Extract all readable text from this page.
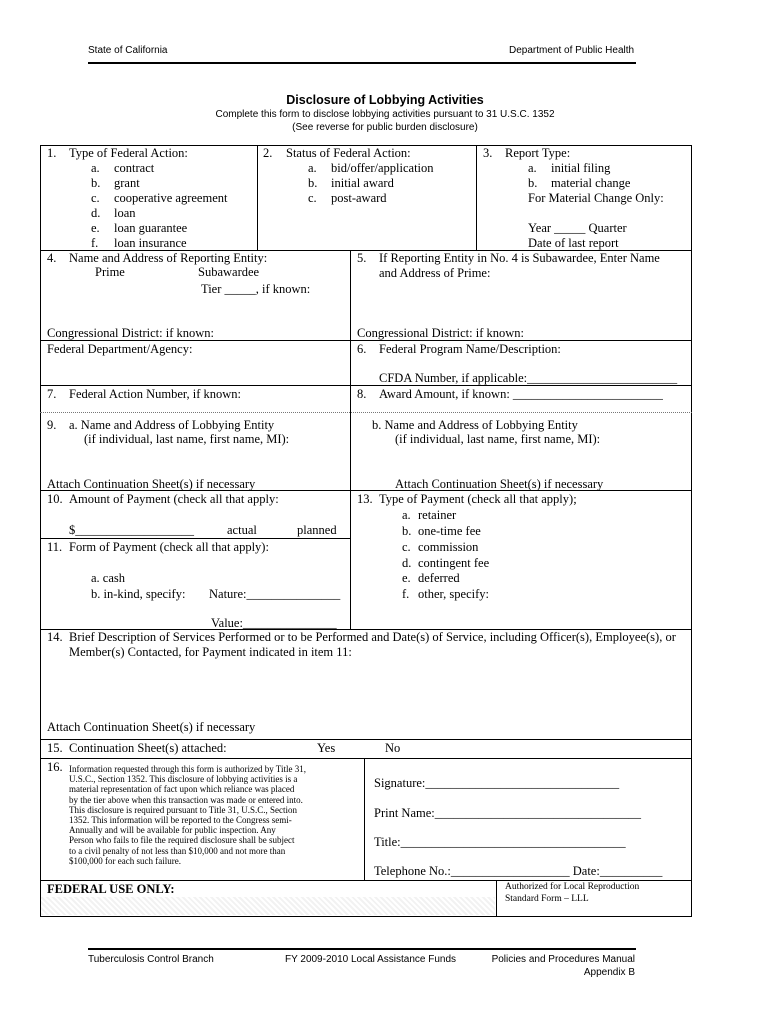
State of California	Department of Public Health
Disclosure of Lobbying Activities
Complete this form to disclose lobbying activities pursuant to 31 U.S.C. 1352
(See reverse for public burden disclosure)
1. Type of Federal Action:
a. contract
b. grant
c. cooperative agreement
d. loan
e. loan guarantee
f. loan insurance
2. Status of Federal Action:
a. bid/offer/application
b. initial award
c. post-award
3. Report Type:
a. initial filing
b. material change
For Material Change Only:
Year _____ Quarter
Date of last report
4. Name and Address of Reporting Entity:
Prime	Subawardee
Tier _____, if known:
Congressional District: if known:
5. If Reporting Entity in No. 4 is Subawardee, Enter Name
and Address of Prime:
Congressional District: if known:
Federal Department/Agency:	6. Federal Program Name/Description:
CFDA Number, if applicable:________________________
7. Federal Action Number, if known:	8. Award Amount, if known: ________________________
9. a. Name and Address of Lobbying Entity
(if individual, last name, first name, MI):
Attach Continuation Sheet(s) if necessary
b. Name and Address of Lobbying Entity
(if individual, last name, first name, MI):
Attach Continuation Sheet(s) if necessary
10. Amount of Payment (check all that apply:
$___________________	actual	planned
11. Form of Payment (check all that apply):
a. cash
b. in-kind, specify: Nature:_______________
Value:_______________
13. Type of Payment (check all that apply);
a. retainer
b. one-time fee
c. commission
d. contingent fee
e. deferred
f. other, specify:
14. Brief Description of Services Performed or to be Performed and Date(s) of Service, including Officer(s), Employee(s), or
Member(s) Contacted, for Payment indicated in item 11:
Attach Continuation Sheet(s) if necessary
15. Continuation Sheet(s) attached:	Yes	No
16. Information requested through this form is authorized by Title 31,
U.S.C., Section 1352. This disclosure of lobbying activities is a
material representation of fact upon which reliance was placed
by the tier above when this transaction was made or entered into.
This disclosure is required pursuant to Title 31, U.S.C., Section
1352. This information will be reported to the Congress semi-
Annually and will be available for public inspection. Any
Person who fails to file the required disclosure shall be subject
to a civil penalty of not less than $10,000 and not more than
$100,000 for each such failure.
Signature:_______________________________
Print Name:_________________________________
Title:____________________________________
Telephone No.:___________________ Date:__________
FEDERAL USE ONLY:	Authorized for Local Reproduction
Standard Form – LLL
Tuberculosis Control Branch	FY 2009-2010 Local Assistance Funds	Policies and Procedures Manual
Appendix B
